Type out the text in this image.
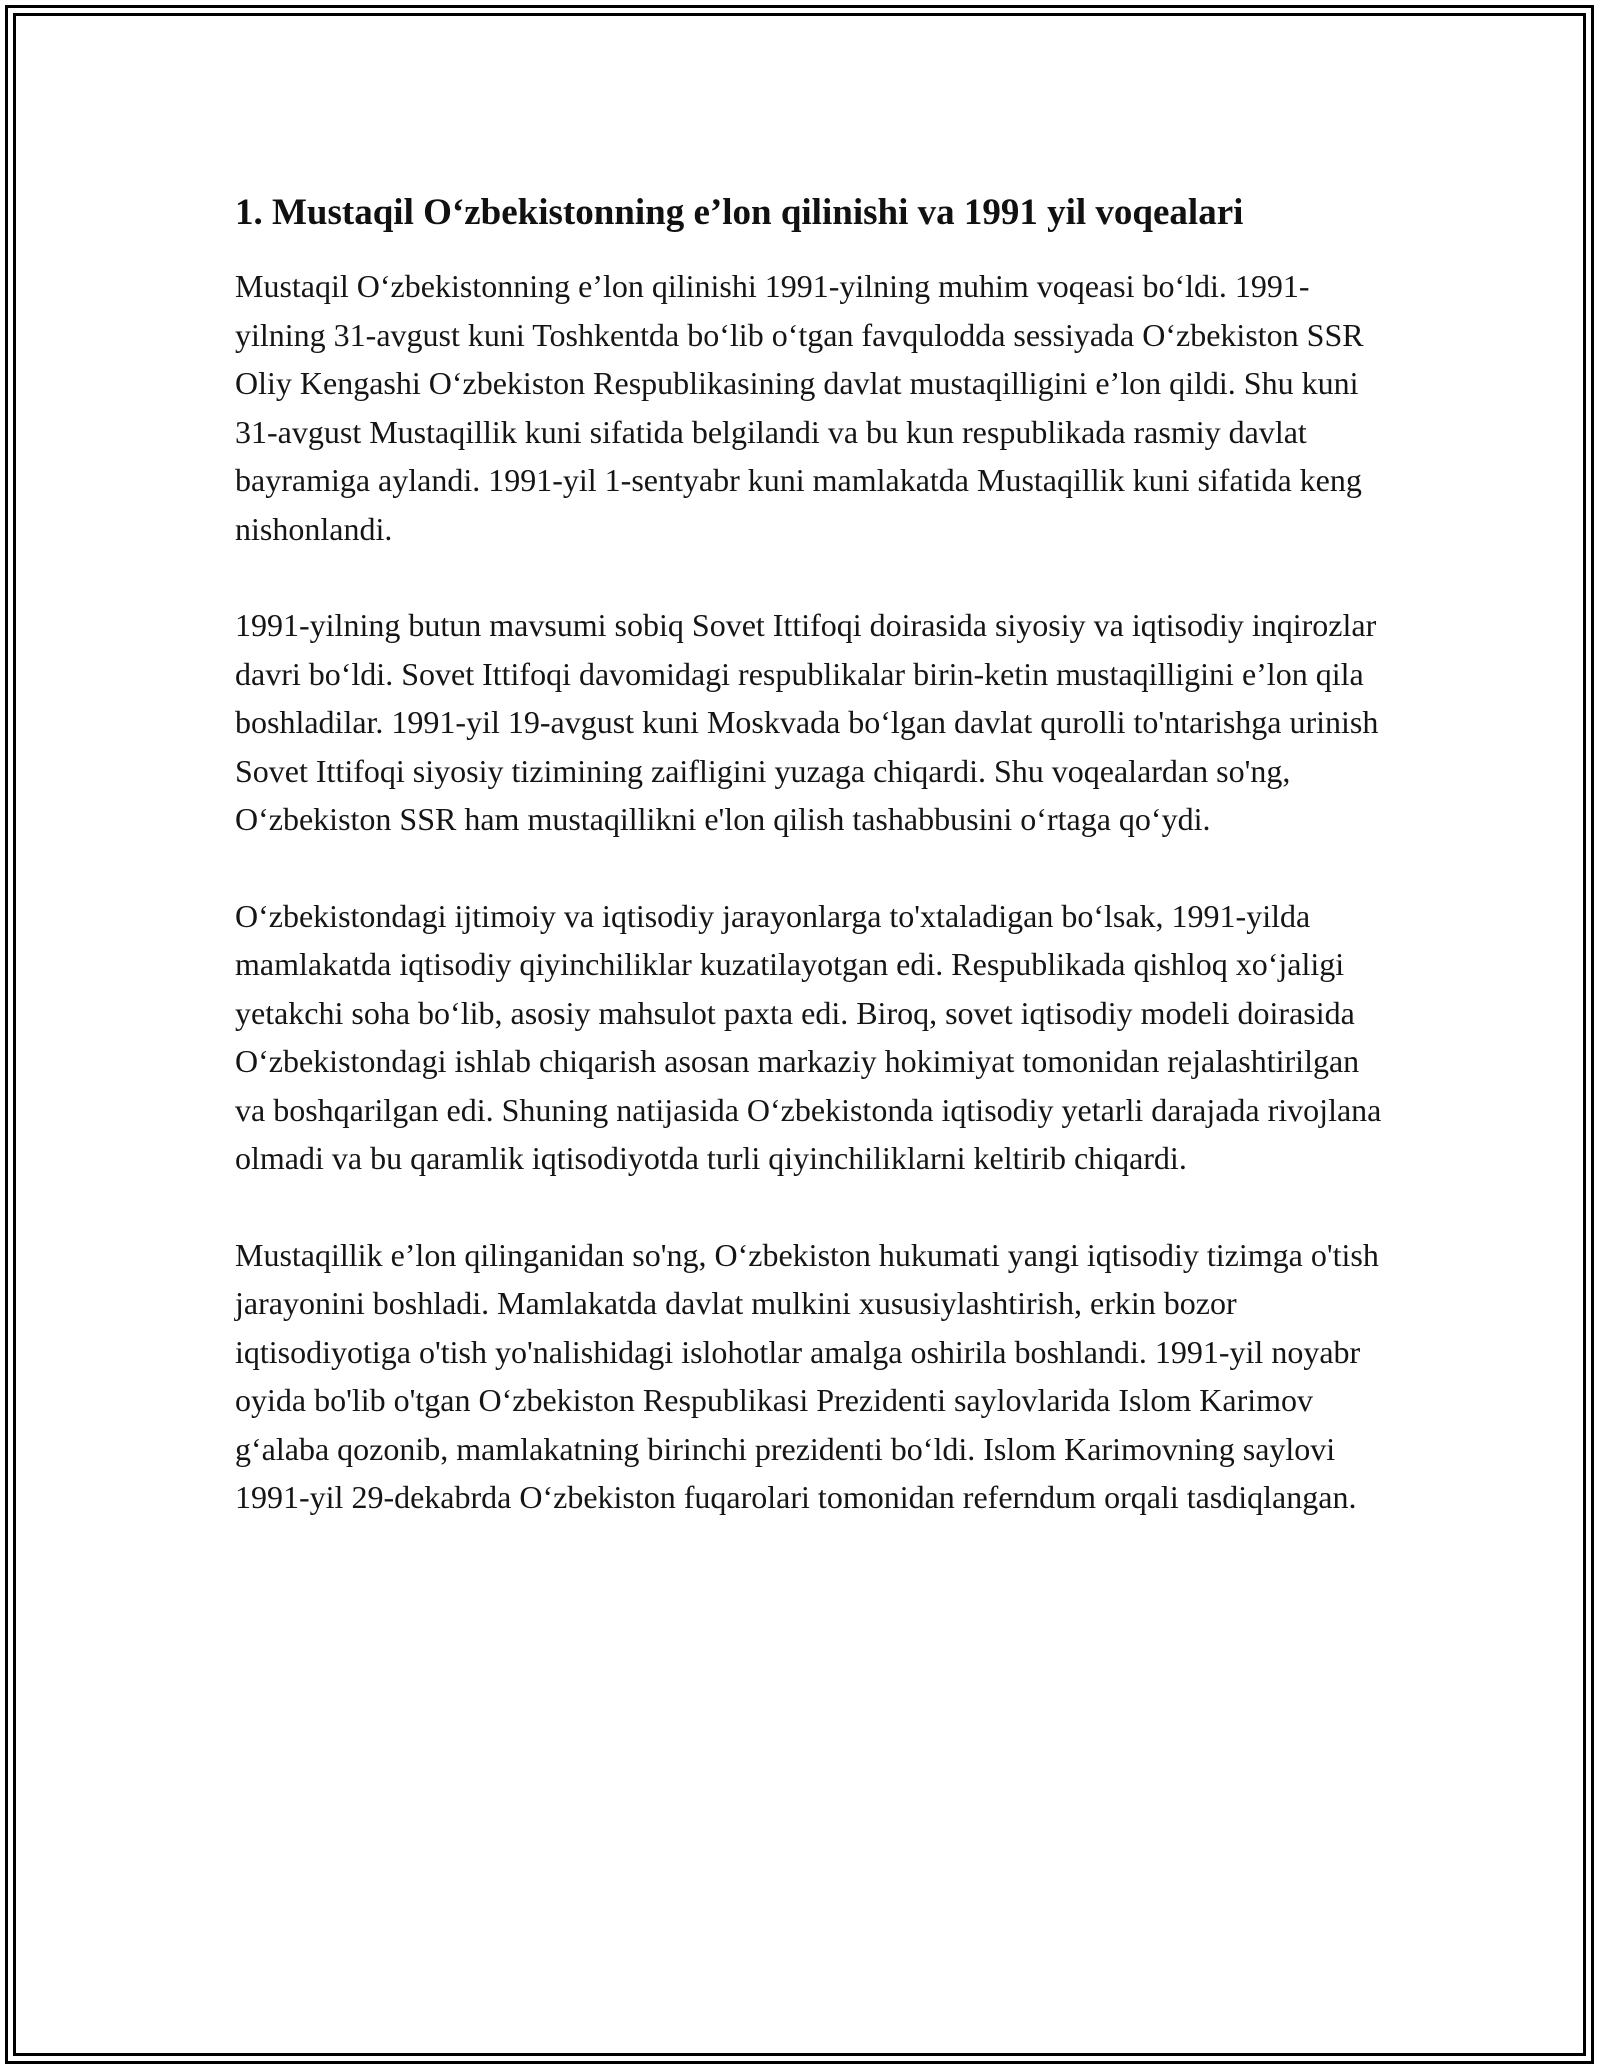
1. Mustaqil O‘zbekistonning e’lon qilinishi va 1991 yil voqealari

Mustaqil O‘zbekistonning e’lon qilinishi 1991-yilning muhim voqeasi bo‘ldi. 1991-yilning 31-avgust kuni Toshkentda bo‘lib o‘tgan favqulodda sessiyada O‘zbekiston SSR Oliy Kengashi O‘zbekiston Respublikasining davlat mustaqilligini e’lon qildi. Shu kuni 31-avgust Mustaqillik kuni sifatida belgilandi va bu kun respublikada rasmiy davlat bayramiga aylandi. 1991-yil 1-sentyabr kuni mamlakatda Mustaqillik kuni sifatida keng nishonlandi.

1991-yilning butun mavsumi sobiq Sovet Ittifoqi doirasida siyosiy va iqtisodiy inqirozlar davri bo‘ldi. Sovet Ittifoqi davomidagi respublikalar birin-ketin mustaqilligini e’lon qila boshladilar. 1991-yil 19-avgust kuni Moskvada bo‘lgan davlat qurolli to'ntarishga urinish Sovet Ittifoqi siyosiy tizimining zaifligini yuzaga chiqardi. Shu voqealardan so'ng, O‘zbekiston SSR ham mustaqillikni e'lon qilish tashabbusini o‘rtaga qo‘ydi.

O‘zbekistondagi ijtimoiy va iqtisodiy jarayonlarga to'xtaladigan bo‘lsak, 1991-yilda mamlakatda iqtisodiy qiyinchiliklar kuzatilayotgan edi. Respublikada qishloq xo‘jaligi yetakchi soha bo‘lib, asosiy mahsulot paxta edi. Biroq, sovet iqtisodiy modeli doirasida O‘zbekistondagi ishlab chiqarish asosan markaziy hokimiyat tomonidan rejalashtirilgan va boshqarilgan edi. Shuning natijasida O‘zbekistonda iqtisodiy yetarli darajada rivojlana olmadi va bu qaramlik iqtisodiyotda turli qiyinchiliklarni keltirib chiqardi.

Mustaqillik e’lon qilinganidan so'ng, O‘zbekiston hukumati yangi iqtisodiy tizimga o'tish jarayonini boshladi. Mamlakatda davlat mulkini xususiylashtirish, erkin bozor iqtisodiyotiga o'tish yo'nalishidagi islohotlar amalga oshirila boshlandi. 1991-yil noyabr oyida bo'lib o'tgan O‘zbekiston Respublikasi Prezidenti saylovlarida Islom Karimov g‘alaba qozonib, mamlakatning birinchi prezidenti bo‘ldi. Islom Karimovning saylovi 1991-yil 29-dekabrda O‘zbekiston fuqarolari tomonidan referndum orqali tasdiqlangan.
